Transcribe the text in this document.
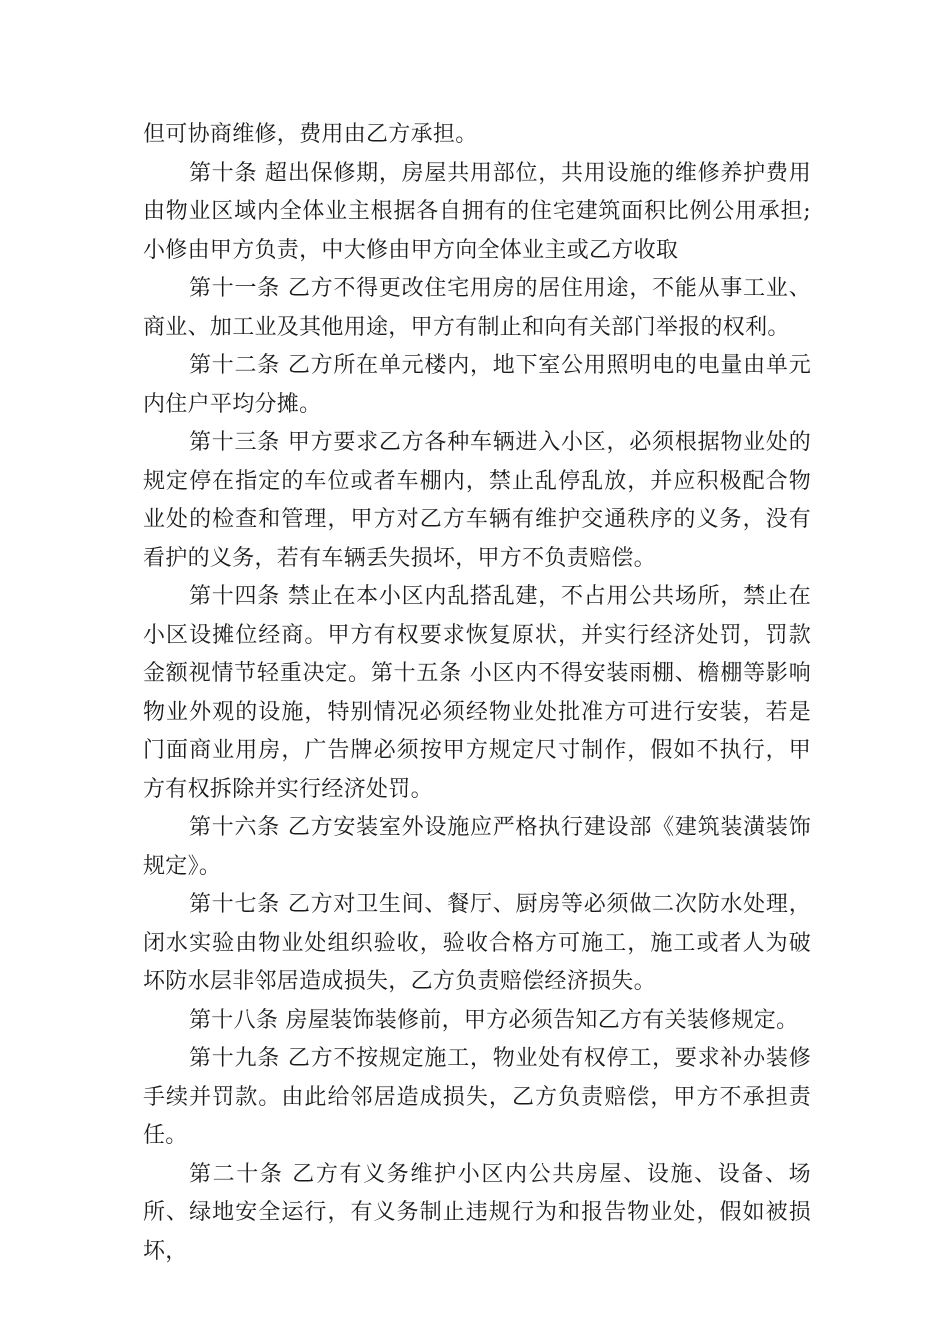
但可协商维修，费用由乙方承担。

第十条 超出保修期，房屋共用部位，共用设施的维修养护费用由物业区域内全体业主根据各自拥有的住宅建筑面积比例公用承担;小修由甲方负责，中大修由甲方向全体业主或乙方收取

第十一条 乙方不得更改住宅用房的居住用途，不能从事工业、商业、加工业及其他用途，甲方有制止和向有关部门举报的权利。

第十二条 乙方所在单元楼内，地下室公用照明电的电量由单元内住户平均分摊。

第十三条 甲方要求乙方各种车辆进入小区，必须根据物业处的规定停在指定的车位或者车棚内，禁止乱停乱放，并应积极配合物业处的检查和管理，甲方对乙方车辆有维护交通秩序的义务，没有看护的义务，若有车辆丢失损坏，甲方不负责赔偿。

第十四条 禁止在本小区内乱搭乱建，不占用公共场所，禁止在小区设摊位经商。甲方有权要求恢复原状，并实行经济处罚，罚款金额视情节轻重决定。第十五条 小区内不得安装雨棚、檐棚等影响物业外观的设施，特别情况必须经物业处批准方可进行安装，若是门面商业用房，广告牌必须按甲方规定尺寸制作，假如不执行，甲方有权拆除并实行经济处罚。

第十六条 乙方安装室外设施应严格执行建设部《建筑装潢装饰规定》。

第十七条 乙方对卫生间、餐厅、厨房等必须做二次防水处理，闭水实验由物业处组织验收，验收合格方可施工，施工或者人为破坏防水层非邻居造成损失，乙方负责赔偿经济损失。

第十八条 房屋装饰装修前，甲方必须告知乙方有关装修规定。

第十九条 乙方不按规定施工，物业处有权停工，要求补办装修手续并罚款。由此给邻居造成损失，乙方负责赔偿，甲方不承担责任。

第二十条 乙方有义务维护小区内公共房屋、设施、设备、场所、绿地安全运行，有义务制止违规行为和报告物业处，假如被损坏，
